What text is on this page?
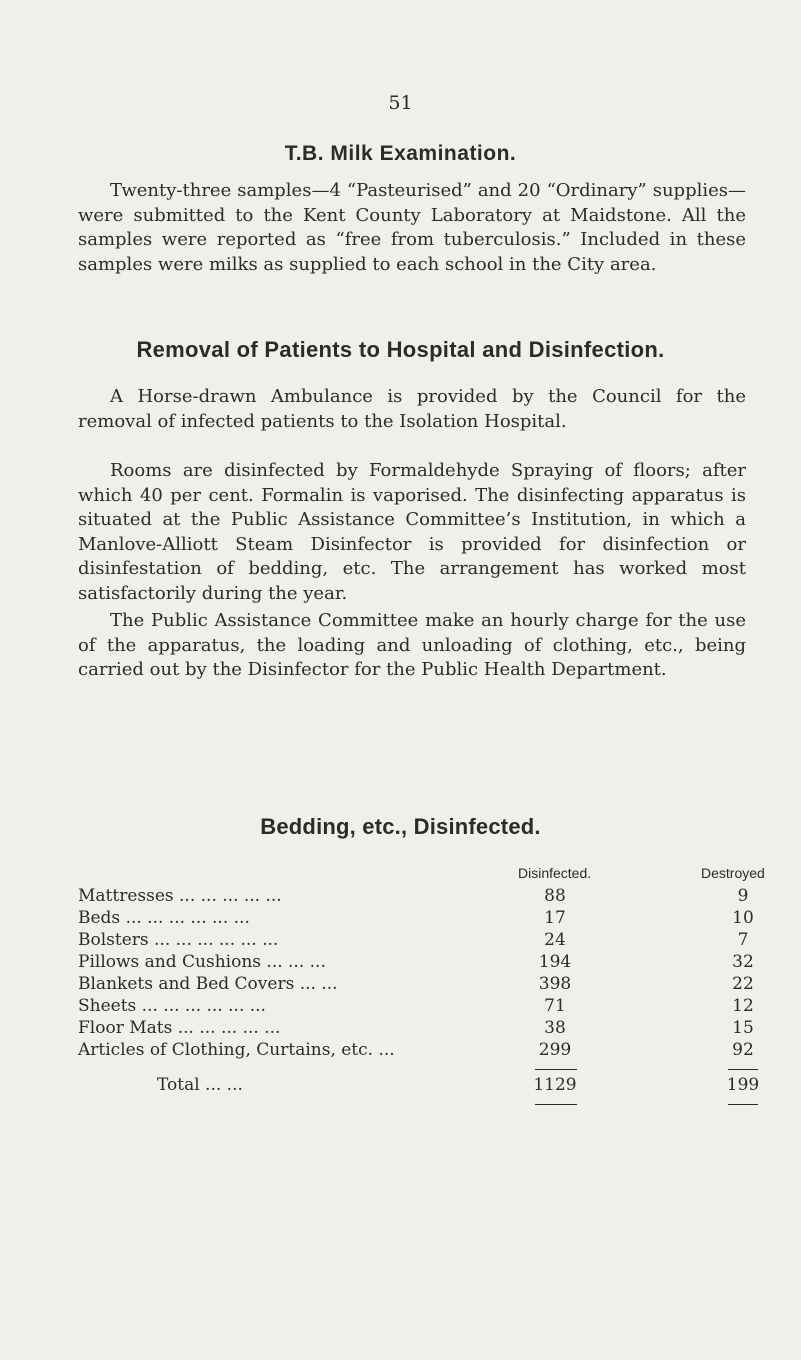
51
T.B. Milk Examination.

Twenty-three samples—4 “Pasteurised” and 20 “Ordinary” supplies—were submitted to the Kent County Laboratory at Maidstone. All the samples were reported as “free from tuberculosis.” Included in these samples were milks as supplied to each school in the City area.

Removal of Patients to Hospital and Disinfection.

A Horse-drawn Ambulance is provided by the Council for the removal of infected patients to the Isolation Hospital.

Rooms are disinfected by Formaldehyde Spraying of floors; after which 40 per cent. Formalin is vaporised. The disinfecting apparatus is situated at the Public Assistance Committee’s Institution, in which a Manlove-Alliott Steam Disinfector is provided for disinfection or disinfestation of bedding, etc. The arrangement has worked most satisfactorily during the year.

The Public Assistance Committee make an hourly charge for the use of the apparatus, the loading and unloading of clothing, etc., being carried out by the Disinfector for the Public Health Department.

Bedding, etc., Disinfected.
Disinfected.	Destroyed
Mattresses ... ... ... ... ...	88	9
Beds ... ... ... ... ... ...	17	10
Bolsters ... ... ... ... ... ...	24	7
Pillows and Cushions ... ... ...	194	32
Blankets and Bed Covers ... ...	398	22
Sheets ... ... ... ... ... ...	71	12
Floor Mats ... ... ... ... ...	38	15
Articles of Clothing, Curtains, etc. ...	299	92
Total ... ...	1129	199
